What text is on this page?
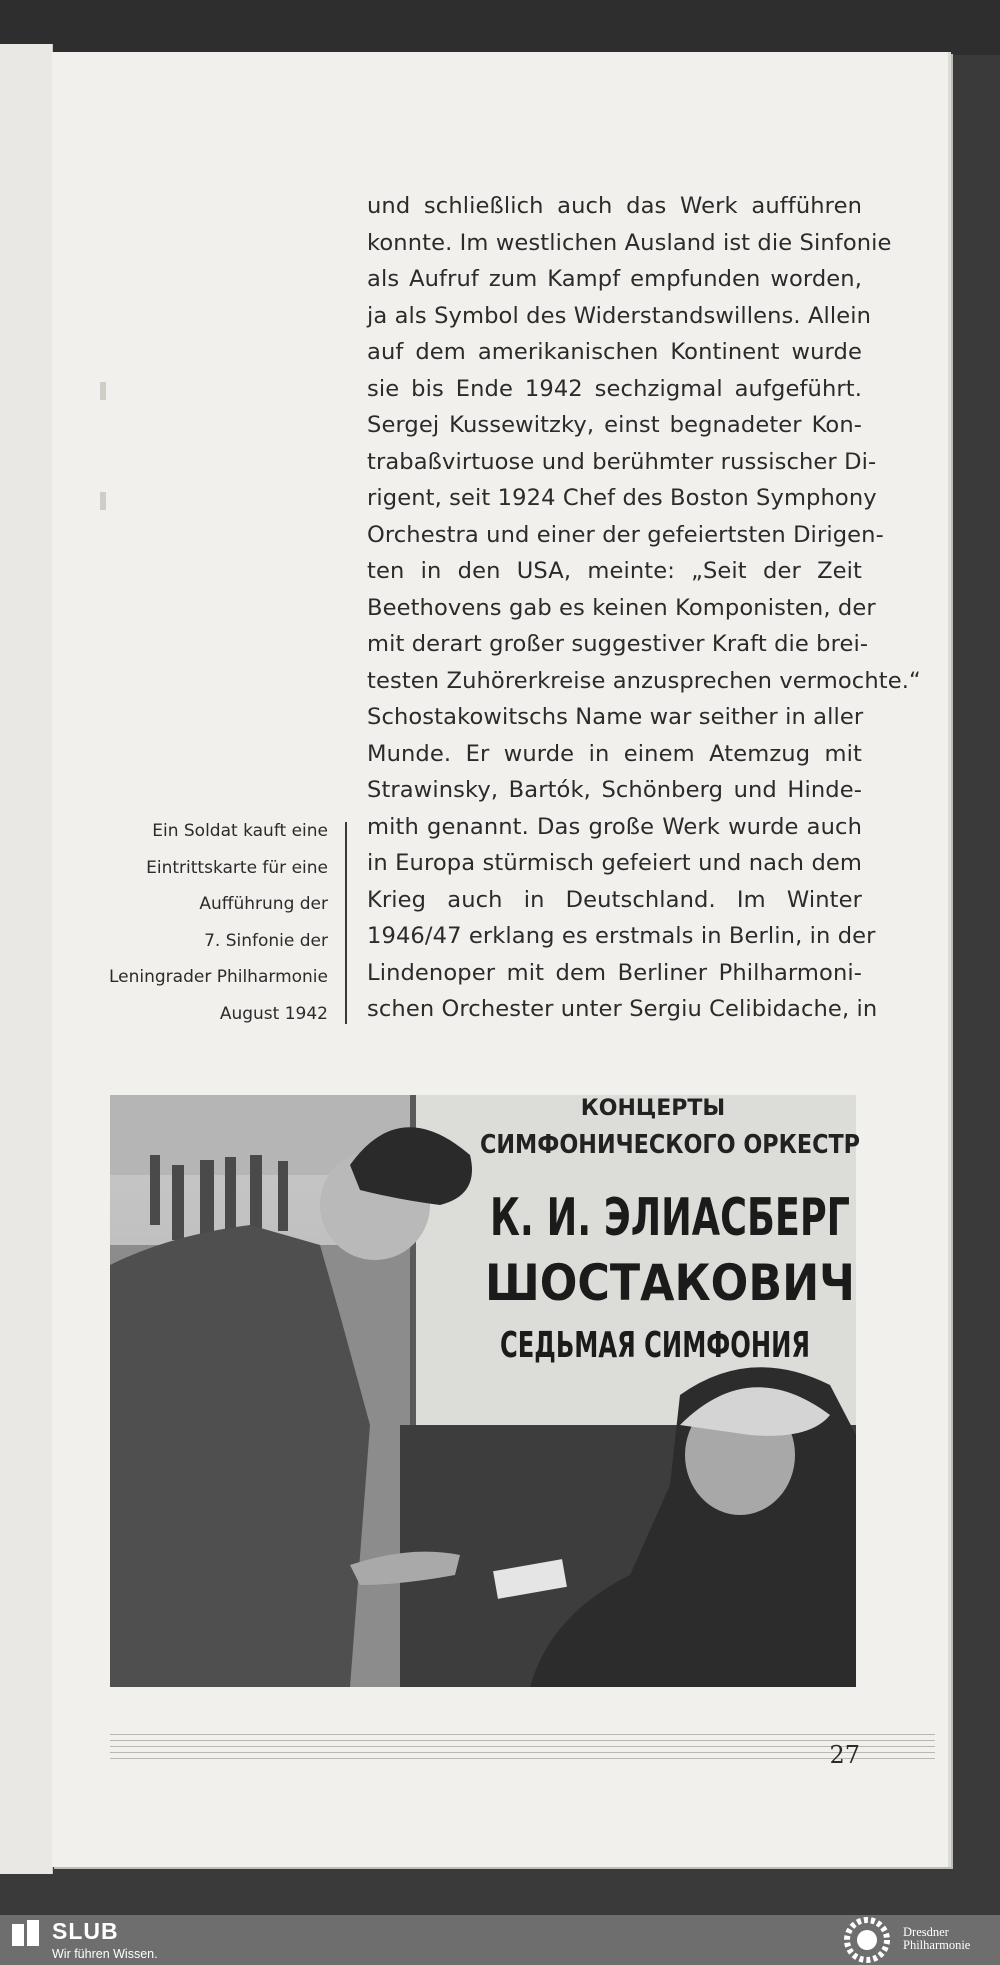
und schließlich auch das Werk aufführen
konnte. Im westlichen Ausland ist die Sinfonie
als Aufruf zum Kampf empfunden worden,
ja als Symbol des Widerstandswillens. Allein
auf dem amerikanischen Kontinent wurde
sie bis Ende 1942 sechzigmal aufgeführt.
Sergej Kussewitzky, einst begnadeter Kon-
trabaßvirtuose und berühmter russischer Di-
rigent, seit 1924 Chef des Boston Symphony
Orchestra und einer der gefeiertsten Dirigen-
ten in den USA, meinte: „Seit der Zeit
Beethovens gab es keinen Komponisten, der
mit derart großer suggestiver Kraft die brei-
testen Zuhörerkreise anzusprechen vermochte.“
Schostakowitschs Name war seither in aller
Munde. Er wurde in einem Atemzug mit
Strawinsky, Bartók, Schönberg und Hinde-
mith genannt. Das große Werk wurde auch
in Europa stürmisch gefeiert und nach dem
Krieg auch in Deutschland. Im Winter
1946/47 erklang es erstmals in Berlin, in der
Lindenoper mit dem Berliner Philharmoni-
schen Orchester unter Sergiu Celibidache, in
Ein Soldat kauft eine
Eintrittskarte für eine
Aufführung der
7. Sinfonie der
Leningrader Philharmonie
August 1942
КОНЦЕРТЫ
СИМФОНИЧЕСКОГО ОРКЕСТР
К. И. ЭЛИАСБЕРГ
ШОСТАКОВИЧ
СЕДЬМАЯ СИМФОНИЯ
27
SLUB
Wir führen Wissen.
Dresdner
Philharmonie
